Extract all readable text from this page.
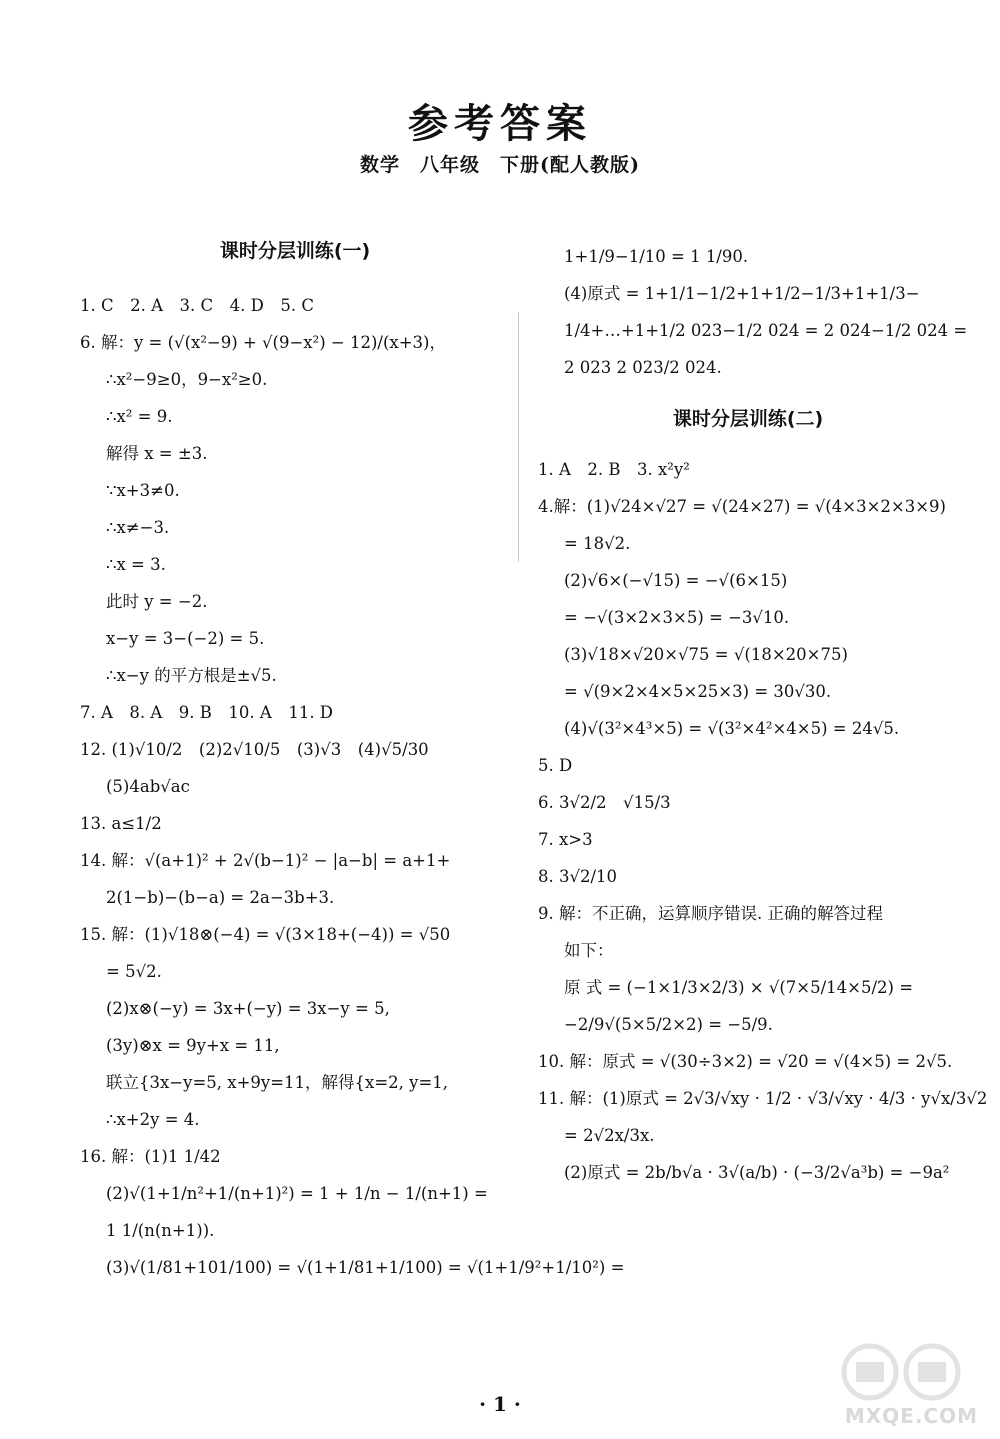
参考答案
数学　八年级　下册(配人教版)
课时分层训练(一)
1. C　2. A　3. C　4. D　5. C
6. 解：y = (√(x²−9) + √(9−x²) − 12)/(x+3)，
∴x²−9≥0，9−x²≥0.
∴x² = 9.
解得 x = ±3.
∵x+3≠0.
∴x≠−3.
∴x = 3.
此时 y = −2.
x−y = 3−(−2) = 5.
∴x−y 的平方根是±√5.
7. A　8. A　9. B　10. A　11. D
12. (1)√10/2　(2)2√10/5　(3)√3　(4)√5/30
(5)4ab√ac
13. a≤1/2
14. 解：√(a+1)² + 2√(b−1)² − |a−b| = a+1+
2(1−b)−(b−a) = 2a−3b+3.
15. 解：(1)√18⊗(−4) = √(3×18+(−4)) = √50
= 5√2.
(2)x⊗(−y) = 3x+(−y) = 3x−y = 5,
(3y)⊗x = 9y+x = 11,
联立{3x−y=5, x+9y=11，解得{x=2, y=1,
∴x+2y = 4.
16. 解：(1)1 1/42
(2)√(1+1/n²+1/(n+1)²) = 1 + 1/n − 1/(n+1) =
1 1/(n(n+1)).
(3)√(1/81+101/100) = √(1+1/81+1/100) = √(1+1/9²+1/10²) =
1+1/9−1/10 = 1 1/90.
(4)原式 = 1+1/1−1/2+1+1/2−1/3+1+1/3−
1/4+…+1+1/2 023−1/2 024 = 2 024−1/2 024 =
2 023 2 023/2 024.
课时分层训练(二)
1. A　2. B　3. x²y²
4.解：(1)√24×√27 = √(24×27) = √(4×3×2×3×9)
= 18√2.
(2)√6×(−√15) = −√(6×15)
= −√(3×2×3×5) = −3√10.
(3)√18×√20×√75 = √(18×20×75)
= √(9×2×4×5×25×3) = 30√30.
(4)√(3²×4³×5) = √(3²×4²×4×5) = 24√5.
5. D
6. 3√2/2　√15/3
7. x>3
8. 3√2/10
9. 解：不正确，运算顺序错误. 正确的解答过程
如下：
原 式 = (−1×1/3×2/3) × √(7×5/14×5/2) =
−2/9√(5×5/2×2) = −5/9.
10. 解：原式 = √(30÷3×2) = √20 = √(4×5) = 2√5.
11. 解：(1)原式 = 2√3/√xy · 1/2 · √3/√xy · 4/3 · y√x/3√2
= 2√2x/3x.
(2)原式 = 2b/b√a · 3√(a/b) · (−3/2√a³b) = −9a²
· 1 ·	MXQE.COM
